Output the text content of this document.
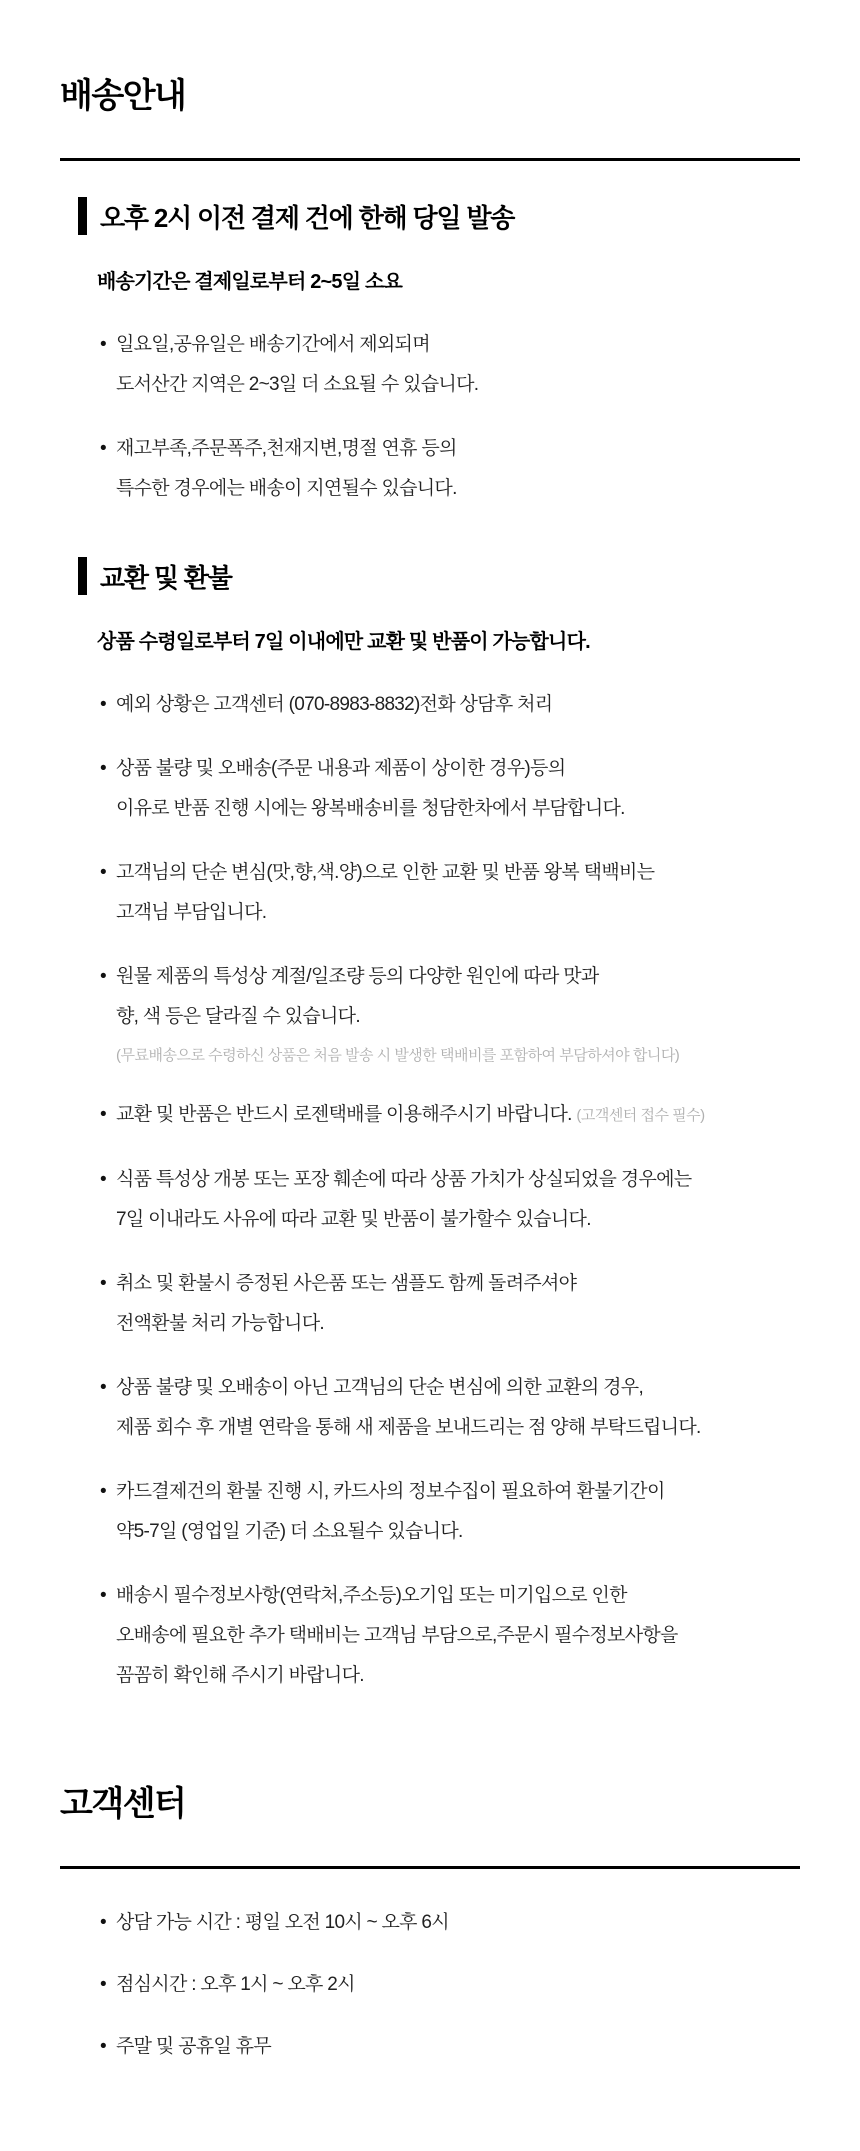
배송안내
오후 2시 이전 결제 건에 한해 당일 발송

배송기간은 결제일로부터 2~5일 소요

• 일요일,공유일은 배송기간에서 제외되며
도서산간 지역은 2~3일 더 소요될 수 있습니다.
• 재고부족,주문폭주,천재지변,명절 연휴 등의
특수한 경우에는 배송이 지연될수 있습니다.
교환 및 환불

상품 수령일로부터 7일 이내에만 교환 및 반품이 가능합니다.

• 예외 상황은 고객센터 (070-8983-8832)전화 상담후 처리
• 상품 불량 및 오배송(주문 내용과 제품이 상이한 경우)등의
이유로 반품 진행 시에는 왕복배송비를 청담한차에서 부담합니다.
• 고객님의 단순 변심(맛,향,색.양)으로 인한 교환 및 반품 왕복 택백비는
고객님 부담입니다.
• 원물 제품의 특성상 계절/일조량 등의 다양한 원인에 따라 맛과
향, 색 등은 달라질 수 있습니다.
(무료배송으로 수령하신 상품은 처음 발송 시 발생한 택배비를 포함하여 부담하셔야 합니다)
• 교환 및 반품은 반드시 로젠택배를 이용해주시기 바랍니다. (고객센터 접수 필수)
• 식품 특성상 개봉 또는 포장 훼손에 따라 상품 가치가 상실되었을 경우에는
7일 이내라도 사유에 따라 교환 및 반품이 불가할수 있습니다.
• 취소 및 환불시 증정된 사은품 또는 샘플도 함께 돌려주셔야
전액환불 처리 가능합니다.
• 상품 불량 및 오배송이 아닌 고객님의 단순 변심에 의한 교환의 경우,
제품 회수 후 개별 연락을 통해 새 제품을 보내드리는 점 양해 부탁드립니다.
• 카드결제건의 환불 진행 시, 카드사의 정보수집이 필요하여 환불기간이
약5-7일 (영업일 기준) 더 소요될수 있습니다.
• 배송시 필수정보사항(연락처,주소등)오기입 또는 미기입으로 인한
오배송에 필요한 추가 택배비는 고객님 부담으로,주문시 필수정보사항을
꼼꼼히 확인해 주시기 바랍니다.
고객센터
• 상담 가능 시간 : 평일 오전 10시 ~ 오후 6시
• 점심시간 : 오후 1시 ~ 오후 2시
• 주말 및 공휴일 휴무
